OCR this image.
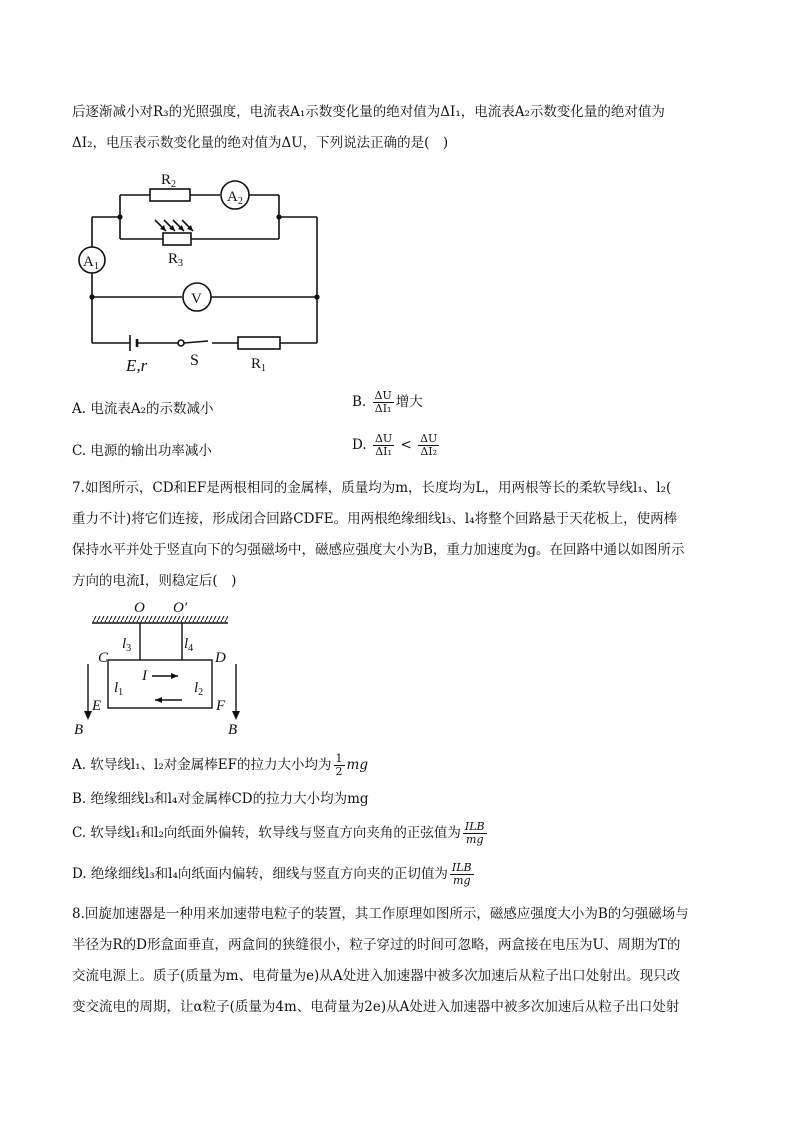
后逐渐减小对R₃的光照强度，电流表A₁示数变化量的绝对值为ΔI₁，电流表A₂示数变化量的绝对值为
ΔI₂，电压表示数变化量的绝对值为ΔU，下列说法正确的是(　)
$R_2$
$A_2$
$R_3$
$A_1$
V
E,r	S	$R_1$
A. 电流表A₂的示数减小	B. $\frac{\Delta U}{\text{ΔI₁}}$ 增大
C. 电源的输出功率减小	D. $\frac{\Delta U}{\text{ΔI₁}} < \frac{\Delta U}{\text{ΔI₂}}$
7.如图所示，CD和EF是两根相同的金属棒，质量均为m，长度均为L，用两根等长的柔软导线l₁、l₂(
重力不计)将它们连接，形成闭合回路CDFE。用两根绝缘细线l₃、l₄将整个回路悬于天花板上，使两棒
保持水平并处于竖直向下的匀强磁场中，磁感应强度大小为B，重力加速度为g。在回路中通以如图所示
方向的电流I，则稳定后(　)
O O′
$l_3$	$l_4$
C	D
I
$l_1$	$l_2$
E	F
B	B
A. 软导线l₁、l₂对金属棒EF的拉力大小均为 $\frac{1}{2}$ mg
B. 绝缘细线l₃和l₄对金属棒CD的拉力大小均为mg
C. 软导线l₁和l₂向纸面外偏转，软导线与竖直方向夹角的正弦值为 $\frac{\text{ILB}}{mg}$
D. 绝缘细线l₃和l₄向纸面内偏转，细线与竖直方向夹的正切值为 $\frac{\text{ILB}}{mg}$
8.回旋加速器是一种用来加速带电粒子的装置，其工作原理如图所示，磁感应强度大小为B的匀强磁场与
半径为R的D形盒面垂直，两盒间的狭缝很小，粒子穿过的时间可忽略，两盒接在电压为U、周期为T的
交流电源上。质子(质量为m、电荷量为e)从A处进入加速器中被多次加速后从粒子出口处射出。现只改
变交流电的周期，让α粒子(质量为4m、电荷量为2e)从A处进入加速器中被多次加速后从粒子出口处射
